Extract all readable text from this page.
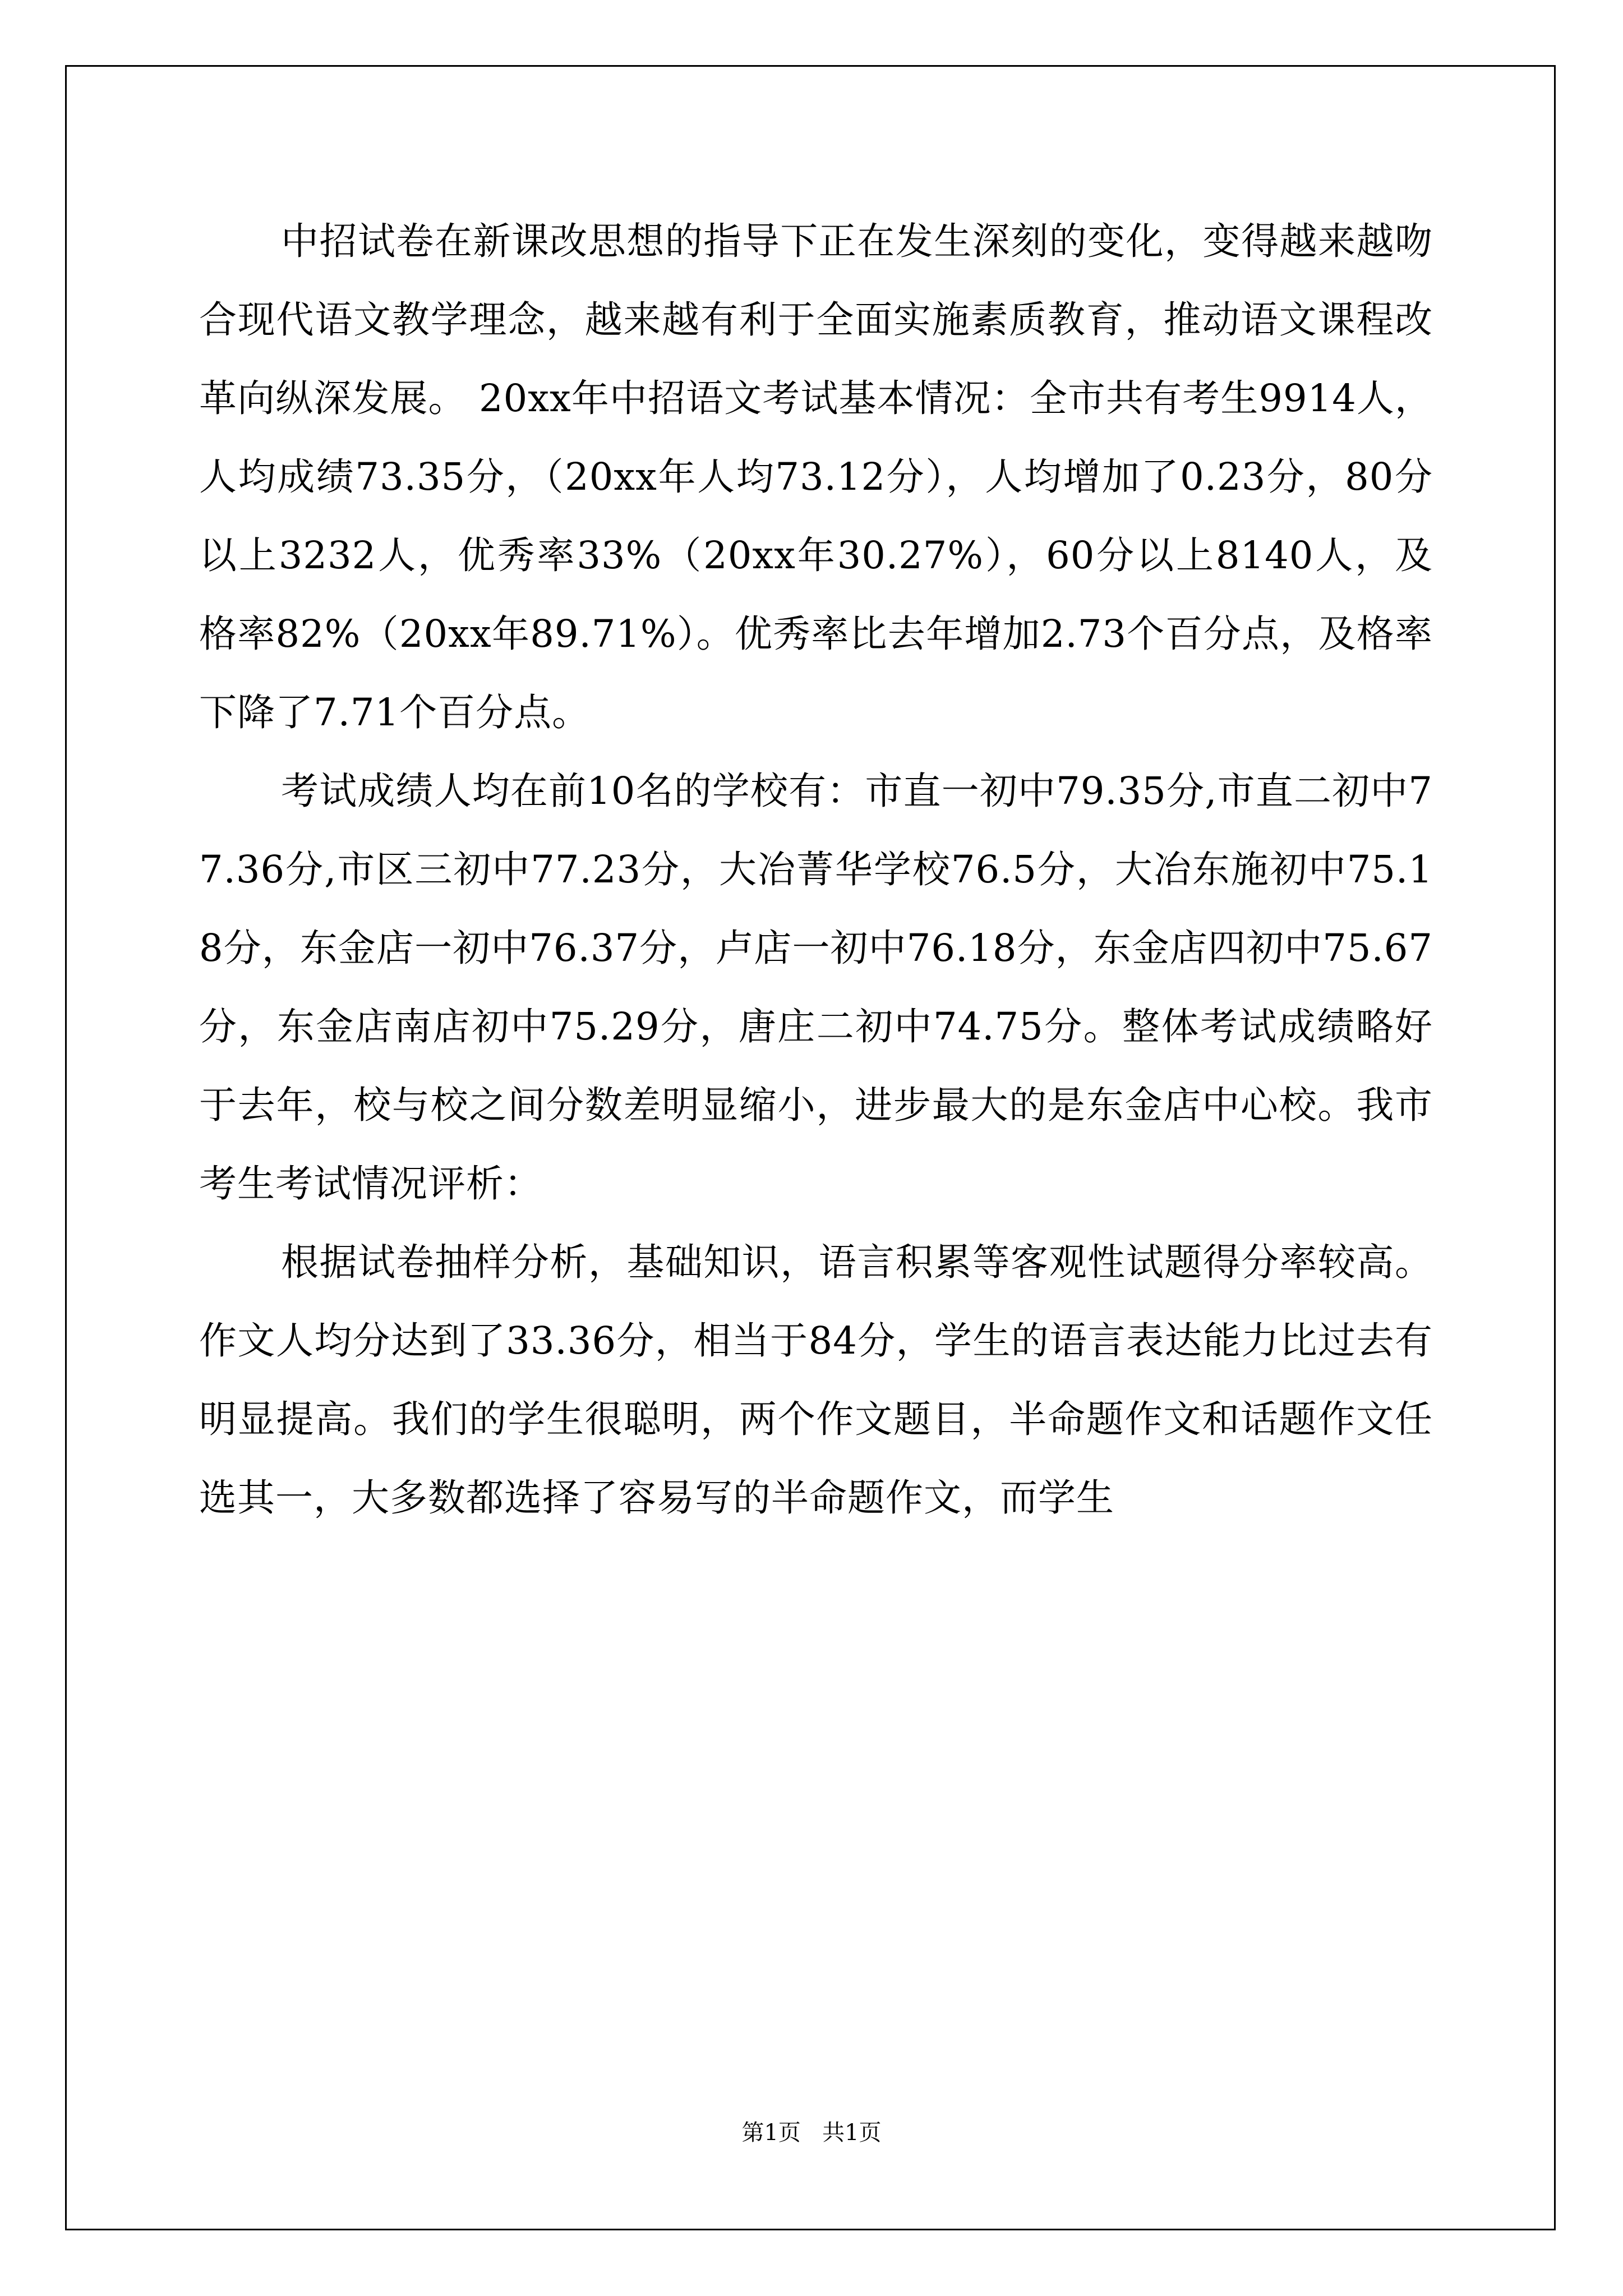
中招试卷在新课改思想的指导下正在发生深刻的变化，变得越来越吻合现代语文教学理念，越来越有利于全面实施素质教育，推动语文课程改革向纵深发展。 20xx年中招语文考试基本情况：全市共有考生9914人，人均成绩73.35分，（20xx年人均73.12分），人均增加了0.23分，80分以上3232人，优秀率33%（20xx年30.27%），60分以上8140人，及格率82%（20xx年89.71%）。优秀率比去年增加2.73个百分点，及格率下降了7.71个百分点。

考试成绩人均在前10名的学校有：市直一初中79.35分,市直二初中77.36分,市区三初中77.23分，大冶菁华学校76.5分，大冶东施初中75.18分，东金店一初中76.37分，卢店一初中76.18分，东金店四初中75.67分，东金店南店初中75.29分，唐庄二初中74.75分。整体考试成绩略好于去年，校与校之间分数差明显缩小，进步最大的是东金店中心校。我市考生考试情况评析：

根据试卷抽样分析，基础知识，语言积累等客观性试题得分率较高。作文人均分达到了33.36分，相当于84分，学生的语言表达能力比过去有明显提高。我们的学生很聪明，两个作文题目，半命题作文和话题作文任选其一，大多数都选择了容易写的半命题作文，而学生

第1页 共1页
